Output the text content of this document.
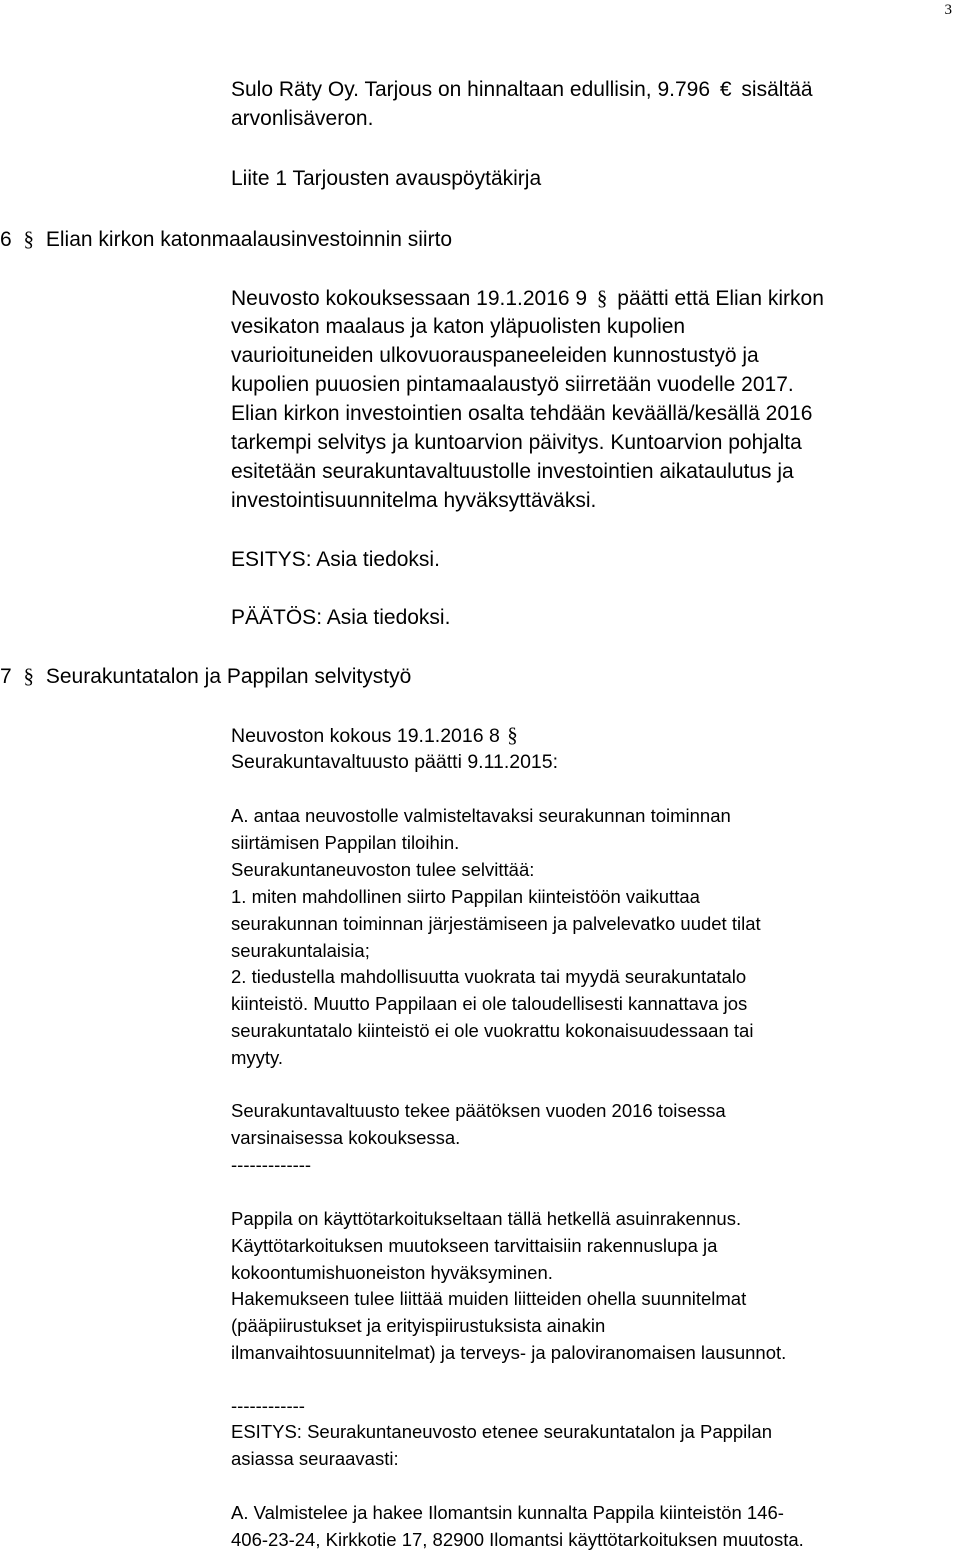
3
Sulo Räty Oy. Tarjous on hinnaltaan edullisin, 9.796 € sisältää
arvonlisäveron.
Liite 1 Tarjousten avauspöytäkirja
6 § Elian kirkon katonmaalausinvestoinnin siirto
Neuvosto kokouksessaan 19.1.2016 9 § päätti että Elian kirkon
vesikaton maalaus ja katon yläpuolisten kupolien
vaurioituneiden ulkovuorauspaneeleiden kunnostustyö ja
kupolien puuosien pintamaalaustyö siirretään vuodelle 2017.
Elian kirkon investointien osalta tehdään keväällä/kesällä 2016
tarkempi selvitys ja kuntoarvion päivitys. Kuntoarvion pohjalta
esitetään seurakuntavaltuustolle investointien aikataulutus ja
investointisuunnitelma hyväksyttäväksi.
ESITYS: Asia tiedoksi.
PÄÄTÖS: Asia tiedoksi.
7 § Seurakuntatalon ja Pappilan selvitystyö
Neuvoston kokous 19.1.2016 8 §
Seurakuntavaltuusto päätti 9.11.2015:
A. antaa neuvostolle valmisteltavaksi seurakunnan toiminnan
siirtämisen Pappilan tiloihin.
Seurakuntaneuvoston tulee selvittää:
1. miten mahdollinen siirto Pappilan kiinteistöön vaikuttaa
seurakunnan toiminnan järjestämiseen ja palvelevatko uudet tilat
seurakuntalaisia;
2. tiedustella mahdollisuutta vuokrata tai myydä seurakuntatalo
kiinteistö. Muutto Pappilaan ei ole taloudellisesti kannattava jos
seurakuntatalo kiinteistö ei ole vuokrattu kokonaisuudessaan tai
myyty.
Seurakuntavaltuusto tekee päätöksen vuoden 2016 toisessa
varsinaisessa kokouksessa.
-------------
Pappila on käyttötarkoitukseltaan tällä hetkellä asuinrakennus.
Käyttötarkoituksen muutokseen tarvittaisiin rakennuslupa ja
kokoontumishuoneiston hyväksyminen.
Hakemukseen tulee liittää muiden liitteiden ohella suunnitelmat
(pääpiirustukset ja erityispiirustuksista ainakin
ilmanvaihtosuunnitelmat) ja terveys- ja paloviranomaisen lausunnot.
------------
ESITYS: Seurakuntaneuvosto etenee seurakuntatalon ja Pappilan
asiassa seuraavasti:
A. Valmistelee ja hakee Ilomantsin kunnalta Pappila kiinteistön 146-
406-23-24, Kirkkotie 17, 82900 Ilomantsi käyttötarkoituksen muutosta.
